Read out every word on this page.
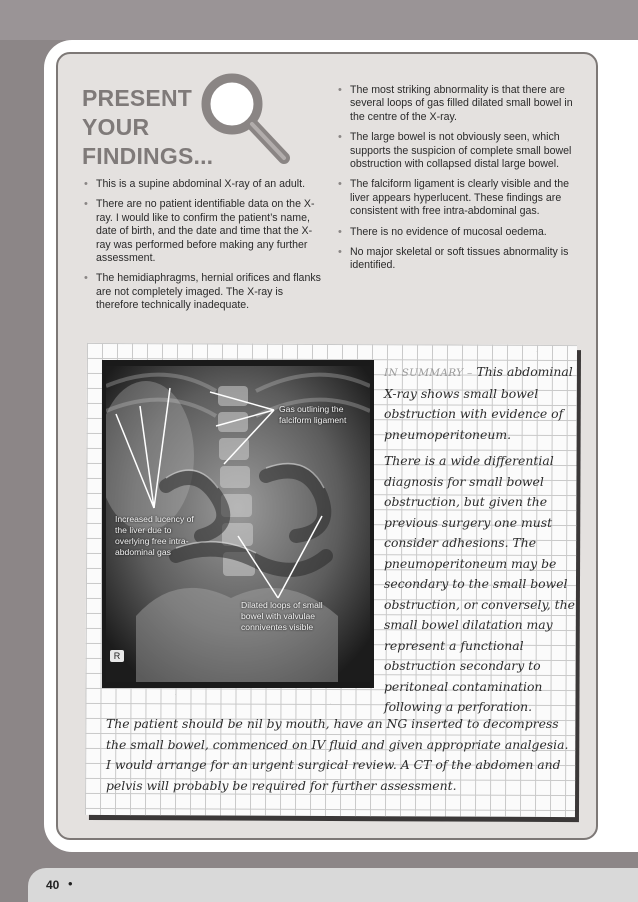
PRESENT
YOUR
FINDINGS...
• This is a supine abdominal X-ray of an adult.
• There are no patient identifiable data on the X-ray. I would like to confirm the patient’s name, date of birth, and the date and time that the X-ray was performed before making any further assessment.
• The hemidiaphragms, hernial orifices and flanks are not completely imaged. The X-ray is therefore technically inadequate.
• The most striking abnormality is that there are several loops of gas filled dilated small bowel in the centre of the X-ray.
• The large bowel is not obviously seen, which supports the suspicion of complete small bowel obstruction with collapsed distal large bowel.
• The falciform ligament is clearly visible and the liver appears hyperlucent. These findings are consistent with free intra-abdominal gas.
• There is no evidence of mucosal oedema.
• No major skeletal or soft tissues abnormality is identified.
Gas outlining the falciform ligament
Increased lucency of the liver due to overlying free intra-abdominal gas
Dilated loops of small bowel with valvulae conniventes visible
R

IN SUMMARY – This abdominal X-ray shows small bowel obstruction with evidence of pneumoperitoneum.

There is a wide differential diagnosis for small bowel obstruction, but given the previous surgery one must consider adhesions. The pneumoperitoneum may be secondary to the small bowel obstruction, or conversely, the small bowel dilatation may represent a functional obstruction secondary to peritoneal contamination following a perforation.

The patient should be nil by mouth, have an NG inserted to decompress the small bowel, commenced on IV fluid and given appropriate analgesia. I would arrange for an urgent surgical review. A CT of the abdomen and pelvis will probably be required for further assessment.

40 •
